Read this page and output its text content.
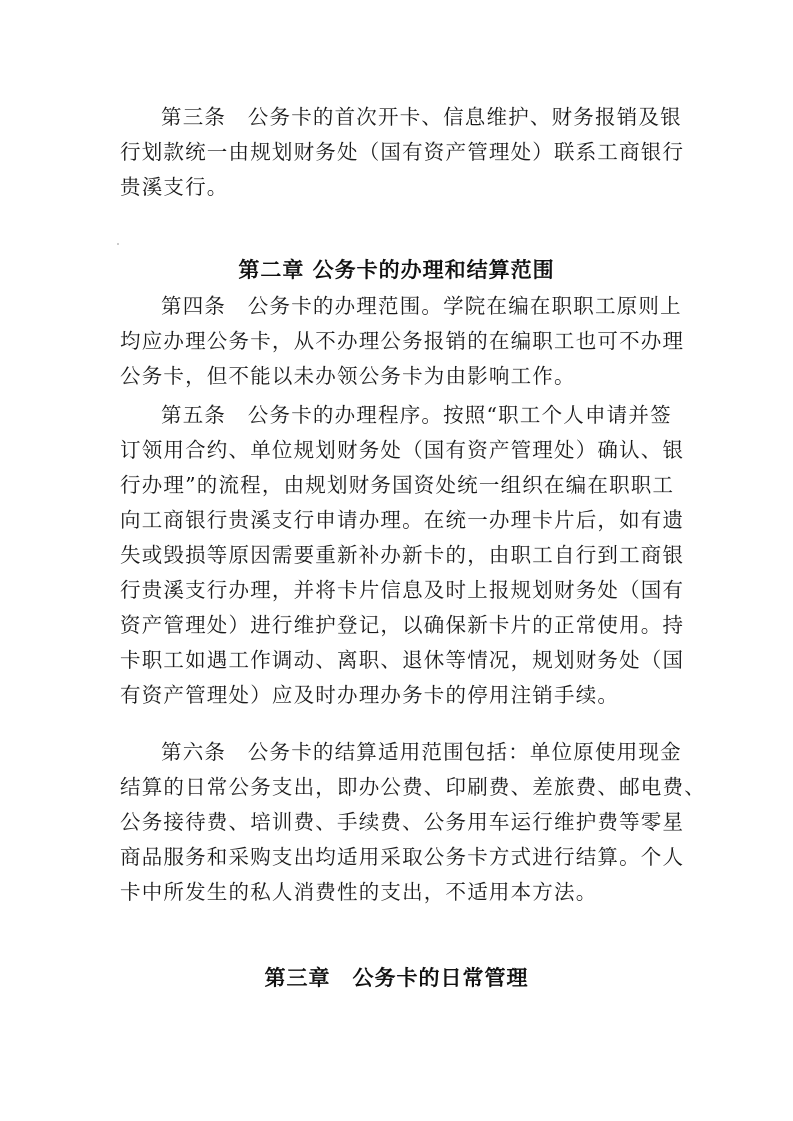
第三条　公务卡的首次开卡、信息维护、财务报销及银
行划款统一由规划财务处（国有资产管理处）联系工商银行
贵溪支行。
第二章 公务卡的办理和结算范围
第四条　公务卡的办理范围。学院在编在职职工原则上
均应办理公务卡，从不办理公务报销的在编职工也可不办理
公务卡，但不能以未办领公务卡为由影响工作。
第五条　公务卡的办理程序。按照“职工个人申请并签
订领用合约、单位规划财务处（国有资产管理处）确认、银
行办理”的流程，由规划财务国资处统一组织在编在职职工
向工商银行贵溪支行申请办理。在统一办理卡片后，如有遗
失或毁损等原因需要重新补办新卡的，由职工自行到工商银
行贵溪支行办理，并将卡片信息及时上报规划财务处（国有
资产管理处）进行维护登记，以确保新卡片的正常使用。持
卡职工如遇工作调动、离职、退休等情况，规划财务处（国
有资产管理处）应及时办理办务卡的停用注销手续。
第六条　公务卡的结算适用范围包括：单位原使用现金
结算的日常公务支出，即办公费、印刷费、差旅费、邮电费、
公务接待费、培训费、手续费、公务用车运行维护费等零星
商品服务和采购支出均适用采取公务卡方式进行结算。个人
卡中所发生的私人消费性的支出，不适用本方法。
第三章　公务卡的日常管理
